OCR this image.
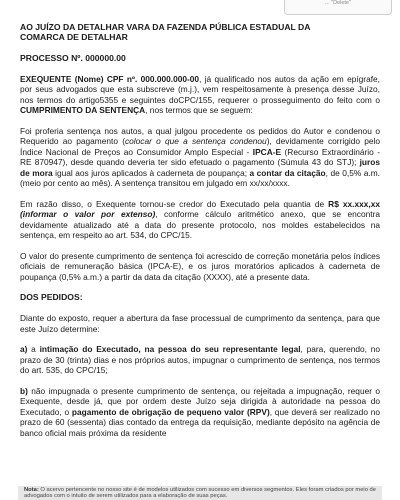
... "Delete"

AO JUÍZO DA DETALHAR VARA DA FAZENDA PÚBLICA ESTADUAL DA
COMARCA DE DETALHAR

PROCESSO Nº. 000000.00

EXEQUENTE (Nome) CPF nº. 000.000.000-00, já qualificado nos autos da ação em epígrafe, por seus advogados que esta subscreve (m.j.), vem respeitosamente à presença desse Juízo, nos termos do artigo5355 e seguintes doCPC/155, requerer o prosseguimento do feito com o CUMPRIMENTO DA SENTENÇA, nos termos que se seguem:

Foi proferia sentença nos autos, a qual julgou procedente os pedidos do Autor e condenou o Requerido ao pagamento (colocar o que a sentença condenou), devidamente corrigido pelo Índice Nacional de Preços ao Consumidor Amplo Especial - IPCA-E (Recurso Extraordinário - RE 870947), desde quando deveria ter sido efetuado o pagamento (Súmula 43 do STJ); juros de mora igual aos juros aplicados à caderneta de poupança; a contar da citação, de 0,5% a.m. (meio por cento ao mês). A sentença transitou em julgado em xx/xx/xxxx.

Em razão disso, o Exequente tornou-se credor do Executado pela quantia de R$ xx.xxx,xx (informar o valor por extenso), conforme cálculo aritmético anexo, que se encontra devidamente atualizado até a data do presente protocolo, nos moldes estabelecidos na sentença, em respeito ao art. 534, do CPC/15.

O valor do presente cumprimento de sentença foi acrescido de correção monetária pelos índices oficiais de remuneração básica (IPCA-E), e os juros moratórios aplicados à caderneta de poupança (0,5% a.m.) a partir da data da citação (XXXX), até a presente data.

DOS PEDIDOS:

Diante do exposto, requer a abertura da fase processual de cumprimento da sentença, para que este Juízo determine:

a) a intimação do Executado, na pessoa do seu representante legal, para, querendo, no prazo de 30 (trinta) dias e nos próprios autos, impugnar o cumprimento de sentença, nos termos do art. 535, do CPC/15;

b) não impugnada o presente cumprimento de sentença, ou rejeitada a impugnação, requer o Exequente, desde já, que por ordem deste Juízo seja dirigida à autoridade na pessoa do Executado, o pagamento de obrigação de pequeno valor (RPV), que deverá ser realizado no prazo de 60 (sessenta) dias contado da entrega da requisição, mediante depósito na agência de banco oficial mais próxima da residente

Nota: O acervo pertencente no nosso site é de modelos utilizados com sucesso em diversos segmentos. Eles foram criados por meio de advogados com o intuito de serem utilizados para a elaboração de suas peças.
